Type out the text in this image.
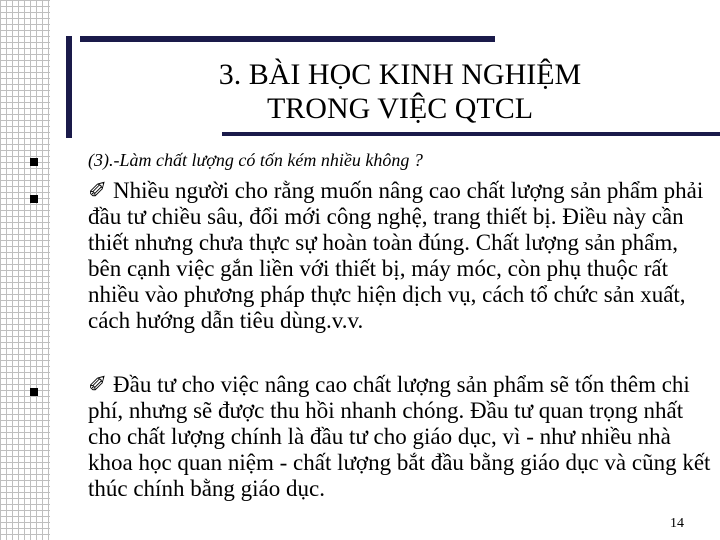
3. BÀI HỌC KINH NGHIỆM
TRONG VIỆC QTCL
(3).-Làm chất lượng có tốn kém nhiều không ?
✐ Nhiều người cho rằng muốn nâng cao chất lượng sản phẩm phải đầu tư chiều sâu, đổi mới công nghệ, trang thiết bị. Điều này cần thiết nhưng chưa thực sự hoàn toàn đúng. Chất lượng sản phẩm, bên cạnh việc gắn liền với thiết bị, máy móc, còn phụ thuộc rất nhiều vào phương pháp thực hiện dịch vụ, cách tổ chức sản xuất, cách hướng dẫn tiêu dùng.v.v.
✐ Đầu tư cho việc nâng cao chất lượng sản phẩm sẽ tốn thêm chi phí, nhưng sẽ được thu hồi nhanh chóng. Đầu tư quan trọng nhất cho chất lượng chính là đầu tư cho giáo dục, vì - như nhiều nhà khoa học quan niệm - chất lượng bắt đầu bằng giáo dục và cũng kết thúc chính bằng giáo dục.
14
